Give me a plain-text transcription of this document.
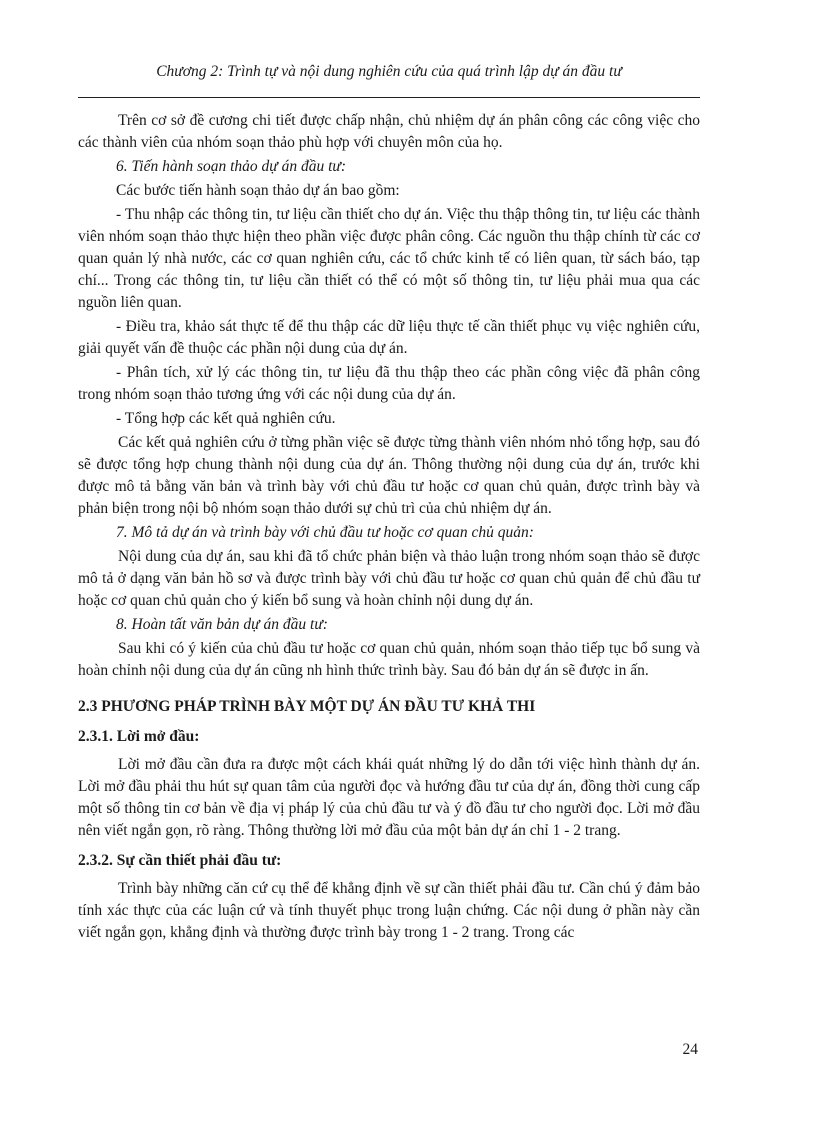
Chương 2: Trình tự và nội dung nghiên cứu của quá trình lập dự án đầu tư

Trên cơ sở đề cương chi tiết được chấp nhận, chủ nhiệm dự án phân công các công việc cho các thành viên của nhóm soạn thảo phù hợp với chuyên môn của họ.

6. Tiến hành soạn thảo dự án đầu tư:

Các bước tiến hành soạn thảo dự án bao gồm:

- Thu nhập các thông tin, tư liệu cần thiết cho dự án. Việc thu thập thông tin, tư liệu các thành viên nhóm soạn thảo thực hiện theo phần việc được phân công. Các nguồn thu thập chính từ các cơ quan quản lý nhà nước, các cơ quan nghiên cứu, các tổ chức kinh tế có liên quan, từ sách báo, tạp chí... Trong các thông tin, tư liệu cần thiết có thể có một số thông tin, tư liệu phải mua qua các nguồn liên quan.

- Điều tra, khảo sát thực tế để thu thập các dữ liệu thực tế cần thiết phục vụ việc nghiên cứu, giải quyết vấn đề thuộc các phần nội dung của dự án.

- Phân tích, xử lý các thông tin, tư liệu đã thu thập theo các phần công việc đã phân công trong nhóm soạn thảo tương ứng với các nội dung của dự án.

- Tổng hợp các kết quả nghiên cứu.

Các kết quả nghiên cứu ở từng phần việc sẽ được từng thành viên nhóm nhỏ tổng hợp, sau đó sẽ được tổng hợp chung thành nội dung của dự án. Thông thường nội dung của dự án, trước khi được mô tả bằng văn bản và trình bày với chủ đầu tư hoặc cơ quan chủ quản, được trình bày và phản biện trong nội bộ nhóm soạn thảo dưới sự chủ trì của chủ nhiệm dự án.

7. Mô tả dự án và trình bày với chủ đầu tư hoặc cơ quan chủ quản:

Nội dung của dự án, sau khi đã tổ chức phản biện và thảo luận trong nhóm soạn thảo sẽ được mô tả ở dạng văn bản hồ sơ và được trình bày với chủ đầu tư hoặc cơ quan chủ quản để chủ đầu tư hoặc cơ quan chủ quản cho ý kiến bổ sung và hoàn chỉnh nội dung dự án.

8. Hoàn tất văn bản dự án đầu tư:

Sau khi có ý kiến của chủ đầu tư hoặc cơ quan chủ quản, nhóm soạn thảo tiếp tục bổ sung và hoàn chỉnh nội dung của dự án cũng nh hình thức trình bày. Sau đó bản dự án sẽ được in ấn.

2.3 PHƯƠNG PHÁP TRÌNH BÀY MỘT DỰ ÁN ĐẦU TƯ KHẢ THI
2.3.1. Lời mở đầu:

Lời mở đầu cần đưa ra được một cách khái quát những lý do dẫn tới việc hình thành dự án. Lời mở đầu phải thu hút sự quan tâm của người đọc và hướng đầu tư của dự án, đồng thời cung cấp một số thông tin cơ bản về địa vị pháp lý của chủ đầu tư và ý đồ đầu tư cho người đọc. Lời mở đầu nên viết ngắn gọn, rõ ràng. Thông thường lời mở đầu của một bản dự án chỉ 1 - 2 trang.

2.3.2. Sự cần thiết phải đầu tư:

Trình bày những căn cứ cụ thể để khẳng định về sự cần thiết phải đầu tư. Cần chú ý đảm bảo tính xác thực của các luận cứ và tính thuyết phục trong luận chứng. Các nội dung ở phần này cần viết ngắn gọn, khẳng định và thường được trình bày trong 1 - 2 trang. Trong các

24
